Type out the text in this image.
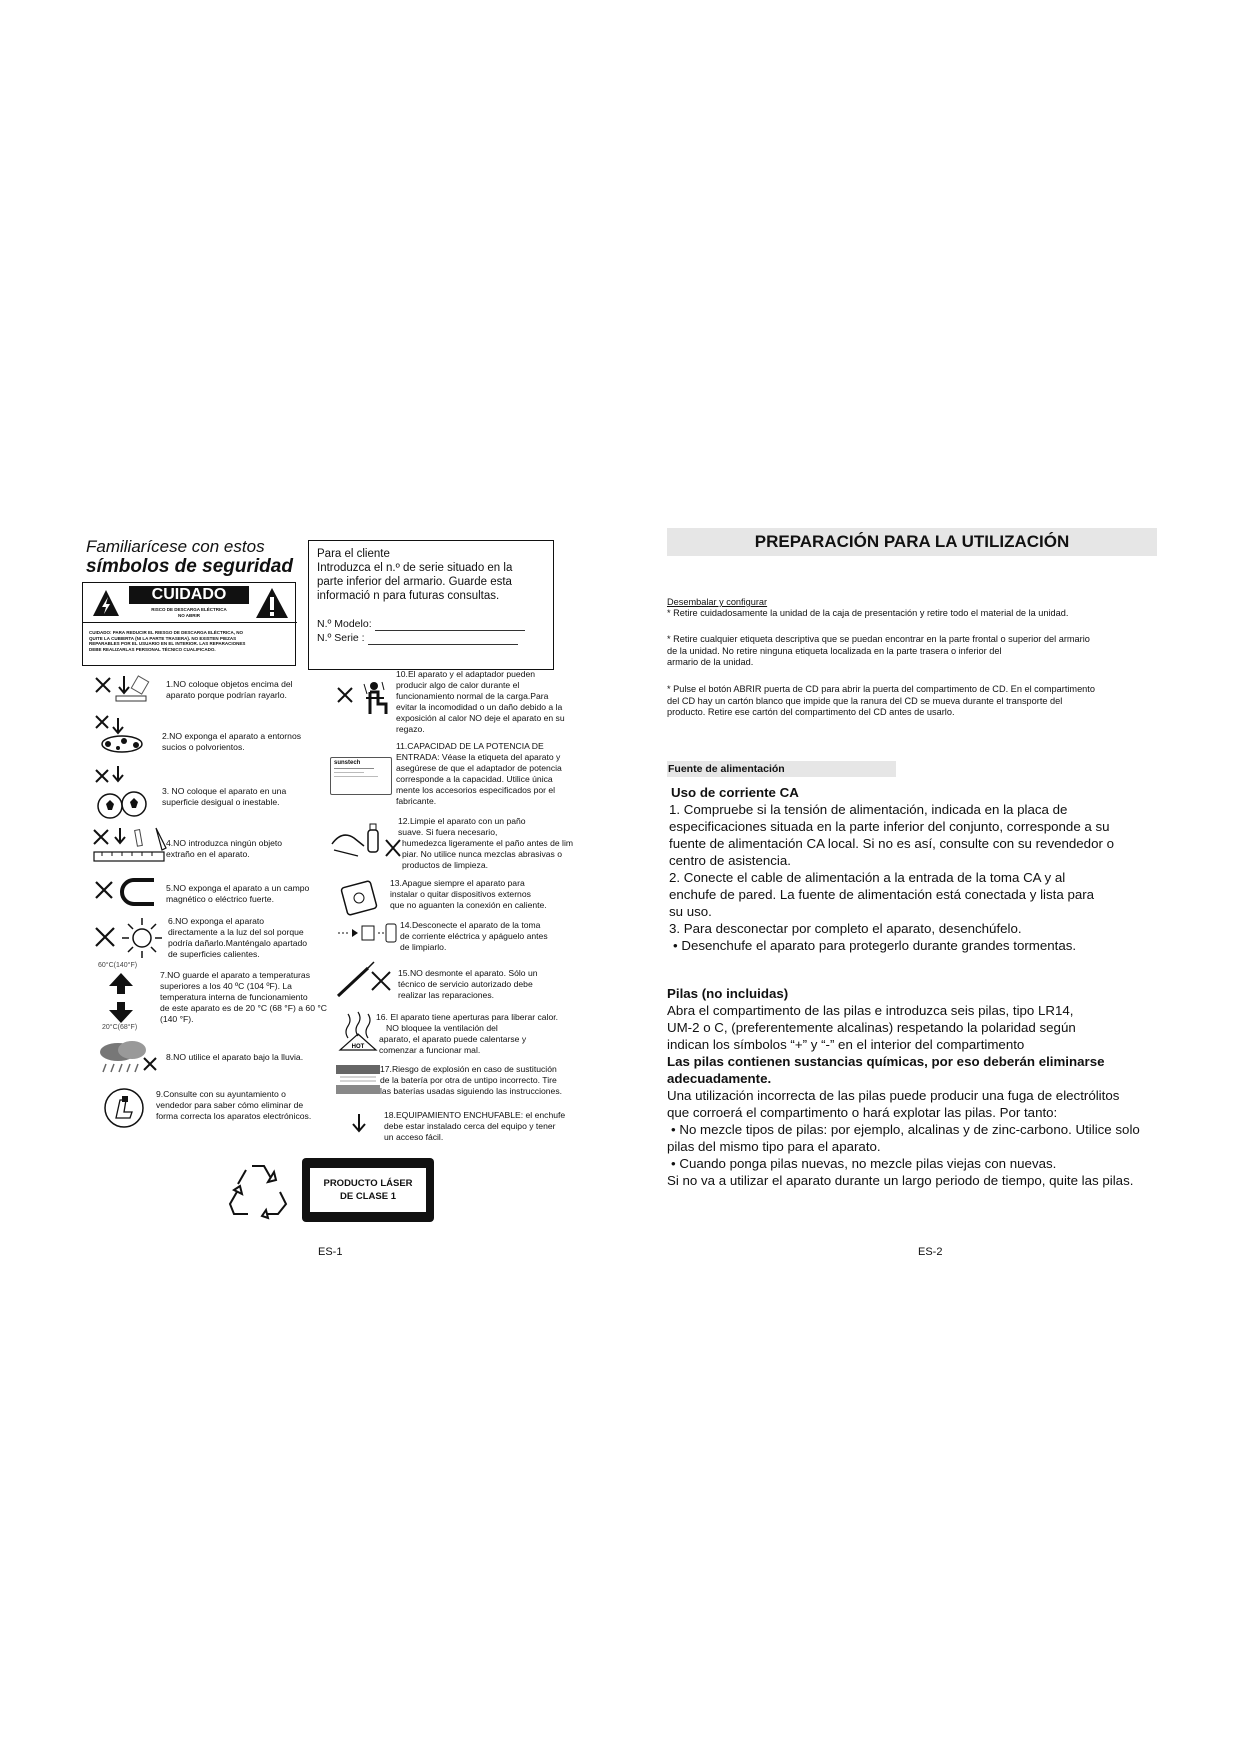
Familiarícese con estos
símbolos de seguridad
CUIDADO
RISCO DE DESCARGA ELÉCTRICA
NO ABRIR
CUIDADO: PARA REDUCIR EL RIESGO DE DESCARGA ELÉCTRICA, NO
QUITE LA CUBIERTA (NI LA PARTE TRASERA). NO EXISTEN PIEZAS
REPARABLES POR EL USUARIO EN EL INTERIOR. LAS REPARACIONES
DEBE REALIZARLAS PERSONAL TÉCNICO CUALIFICADO.
Para el cliente
Introduzca el n.º de serie situado en la
parte inferior del armario. Guarde esta
informació n para futuras consultas.
N.º Modelo:
N.º Serie :
1.NO coloque objetos encima del
aparato porque podrían rayarlo.
2.NO exponga el aparato a entornos
sucios o polvorientos.
3. NO coloque el aparato en una
superficie desigual o inestable.
4.NO introduzca ningún objeto
extraño en el aparato.
5.NO exponga el aparato a un campo
magnético o eléctrico fuerte.
6.NO exponga el aparato
directamente a la luz del sol porque
podría dañarlo.Manténgalo apartado
de superficies calientes.
60°C(140°F)
20°C(68°F)
7.NO guarde el aparato a temperaturas
superiores a los 40 ºC (104 ºF). La
temperatura interna de funcionamiento
de este aparato es de 20 °C (68 °F) a 60 °C
(140 °F).
8.NO utilice el aparato bajo la lluvia.
9.Consulte con su ayuntamiento o
vendedor para saber cómo eliminar de
forma correcta los aparatos electrónicos.
10.El aparato y el adaptador pueden
producir algo de calor durante el
funcionamiento normal de la carga.Para
evitar la incomodidad o un daño debido a la
exposición al calor NO deje el aparato en su
regazo.
sunstech
11.CAPACIDAD DE LA POTENCIA DE
ENTRADA: Véase la etiqueta del aparato y
asegúrese de que el adaptador de potencia
corresponde a la capacidad. Utilice única
mente los accesorios especificados por el
fabricante.
12.Limpie el aparato con un paño
suave. Si fuera necesario,
humedezca ligeramente el paño antes de lim
piar. No utilice nunca mezclas abrasivas o
productos de limpieza.
13.Apague siempre el aparato para
instalar o quitar dispositivos externos
que no aguanten la conexión en caliente.
14.Desconecte el aparato de la toma
de corriente eléctrica y apáguelo antes
de limpiarlo.
15.NO desmonte el aparato. Sólo un
técnico de servicio autorizado debe
realizar las reparaciones.
HOT
16. El aparato tiene aperturas para liberar calor.
NO bloquee la ventilación del
aparato, el aparato puede calentarse y
comenzar a funcionar mal.
17.Riesgo de explosión en caso de sustitución
de la batería por otra de untipo incorrecto. Tire
las baterías usadas siguiendo las instrucciones.
18.EQUIPAMIENTO ENCHUFABLE: el enchufe
debe estar instalado cerca del equipo y tener
un acceso fácil.
PRODUCTO LÁSER
DE CLASE 1
ES-1
PREPARACIÓN PARA LA UTILIZACIÓN
Desembalar y configurar
* Retire cuidadosamente la unidad de la caja de presentación y retire todo el material de la unidad.
* Retire cualquier etiqueta descriptiva que se puedan encontrar en la parte frontal o superior del armario
de la unidad. No retire ninguna etiqueta localizada en la parte trasera o inferior del
armario de la unidad.
* Pulse el botón ABRIR puerta de CD para abrir la puerta del compartimento de CD. En el compartimento
del CD hay un cartón blanco que impide que la ranura del CD se mueva durante el transporte del
producto. Retire ese cartón del compartimento del CD antes de usarlo.
Fuente de alimentación
Uso de corriente CA
1. Compruebe si la tensión de alimentación, indicada en la placa de
especificaciones situada en la parte inferior del conjunto, corresponde a su
fuente de alimentación CA local. Si no es así, consulte con su revendedor o
centro de asistencia.
2. Conecte el cable de alimentación a la entrada de la toma CA y al
enchufe de pared. La fuente de alimentación está conectada y lista para
su uso.
3. Para desconectar por completo el aparato, desenchúfelo.
• Desenchufe el aparato para protegerlo durante grandes tormentas.
Pilas (no incluidas)
Abra el compartimento de las pilas e introduzca seis pilas, tipo LR14,
UM-2 o C, (preferentemente alcalinas) respetando la polaridad según
indican los símbolos “+” y “-” en el interior del compartimento
Las pilas contienen sustancias químicas, por eso deberán eliminarse
adecuadamente.
Una utilización incorrecta de las pilas puede producir una fuga de electrólitos
que corroerá el compartimento o hará explotar las pilas. Por tanto:
• No mezcle tipos de pilas: por ejemplo, alcalinas y de zinc-carbono. Utilice solo
pilas del mismo tipo para el aparato.
• Cuando ponga pilas nuevas, no mezcle pilas viejas con nuevas.
Si no va a utilizar el aparato durante un largo periodo de tiempo, quite las pilas.
ES-2
